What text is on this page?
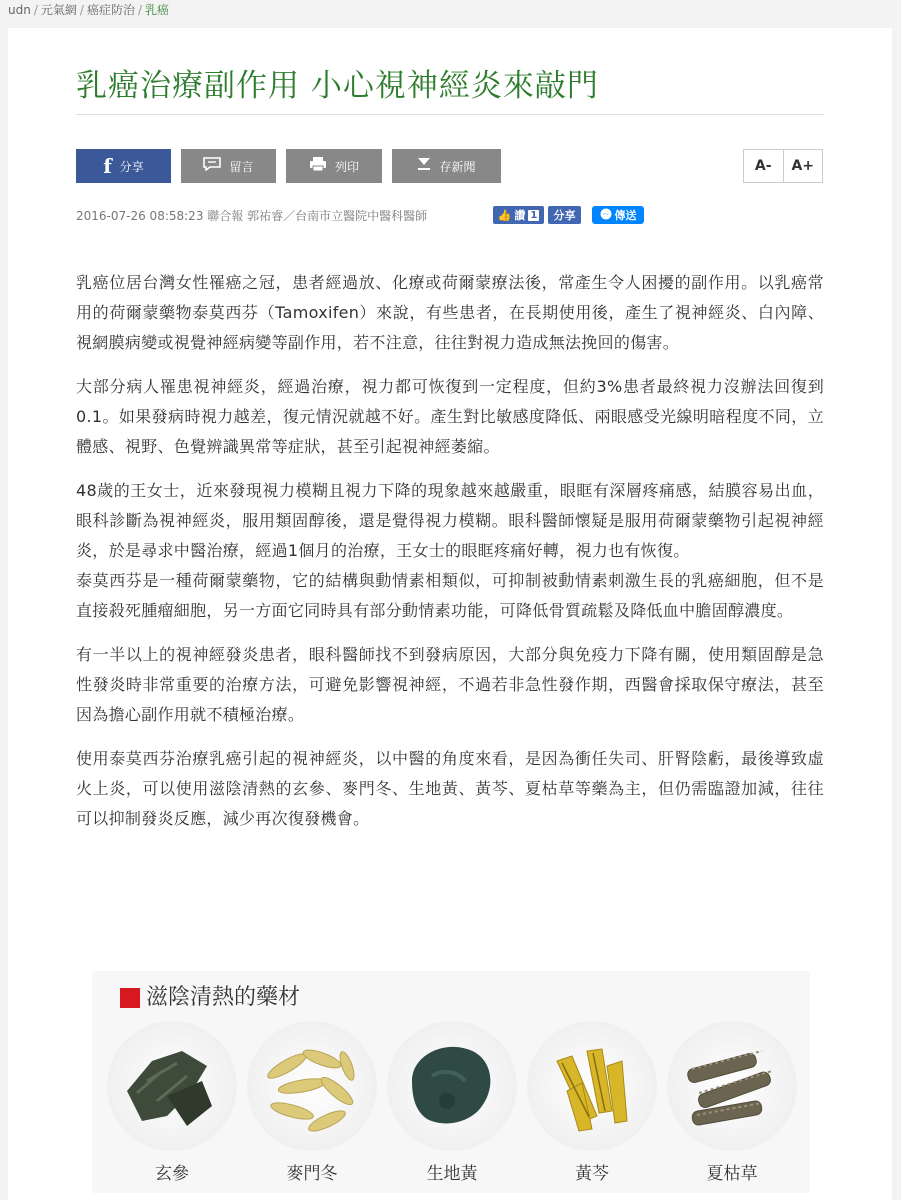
udn / 元氣網 / 癌症防治 / 乳癌
乳癌治療副作用 小心視神經炎來敲門
f 分享	留言	列印	存新聞	A-	A+
2016-07-26 08:58:23 聯合報 郭祐睿／台南市立醫院中醫科醫師	👍 讚 1 分享	傳送

乳癌位居台灣女性罹癌之冠，患者經過放、化療或荷爾蒙療法後，常產生令人困擾的副作用。以乳癌常用的荷爾蒙藥物泰莫西芬（Tamoxifen）來說，有些患者，在長期使用後，產生了視神經炎、白內障、視網膜病變或視覺神經病變等副作用，若不注意，往往對視力造成無法挽回的傷害。

大部分病人罹患視神經炎，經過治療，視力都可恢復到一定程度，但約3%患者最終視力沒辦法回復到0.1。如果發病時視力越差，復元情況就越不好。產生對比敏感度降低、兩眼感受光線明暗程度不同，立體感、視野、色覺辨識異常等症狀，甚至引起視神經萎縮。

48歲的王女士，近來發現視力模糊且視力下降的現象越來越嚴重，眼眶有深層疼痛感，結膜容易出血，眼科診斷為視神經炎，服用類固醇後，還是覺得視力模糊。眼科醫師懷疑是服用荷爾蒙藥物引起視神經炎，於是尋求中醫治療，經過1個月的治療，王女士的眼眶疼痛好轉，視力也有恢復。

泰莫西芬是一種荷爾蒙藥物，它的結構與動情素相類似，可抑制被動情素刺激生長的乳癌細胞，但不是直接殺死腫瘤細胞，另一方面它同時具有部分動情素功能，可降低骨質疏鬆及降低血中膽固醇濃度。

有一半以上的視神經發炎患者，眼科醫師找不到發病原因，大部分與免疫力下降有關，使用類固醇是急性發炎時非常重要的治療方法，可避免影響視神經，不過若非急性發作期，西醫會採取保守療法，甚至因為擔心副作用就不積極治療。

使用泰莫西芬治療乳癌引起的視神經炎，以中醫的角度來看，是因為衝任失司、肝腎陰虧，最後導致虛火上炎，可以使用滋陰清熱的玄參、麥門冬、生地黃、黃芩、夏枯草等藥為主，但仍需臨證加減，往往可以抑制發炎反應，減少再次復發機會。

滋陰清熱的藥材
玄參	麥門冬	生地黃	黃芩	夏枯草
